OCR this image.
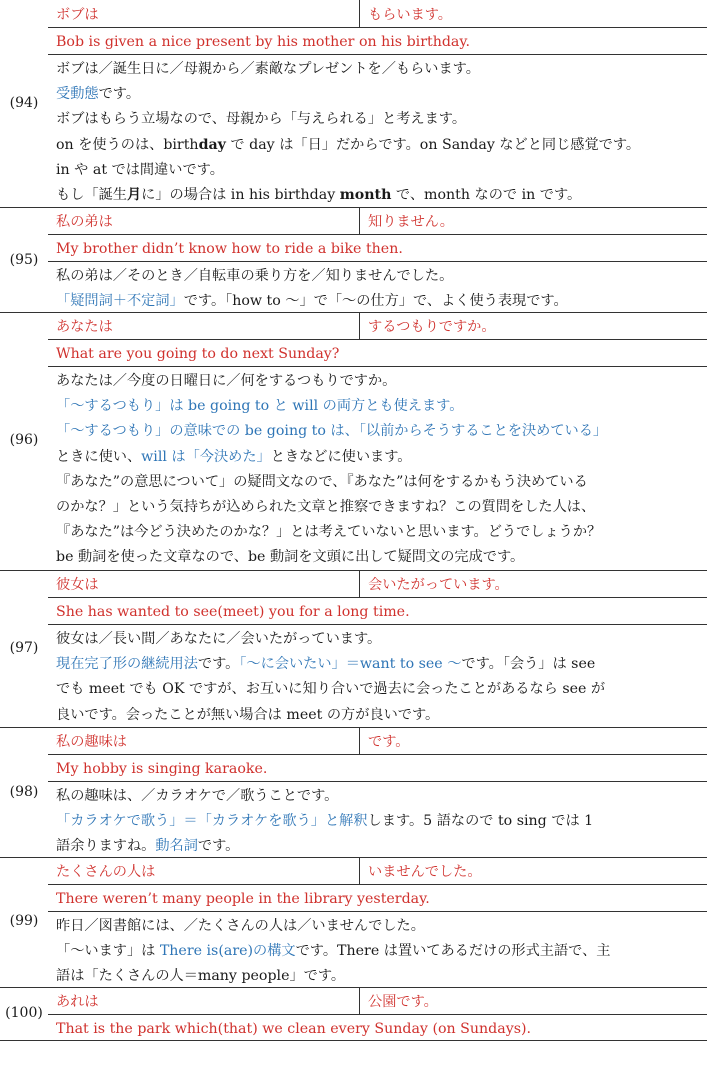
ボブは	もらいます。
Bob is given a nice present by his mother on his birthday.
ボブは／誕生日に／母親から／素敵なプレゼントを／もらいます。
受動態です。
ボブはもらう立場なので、母親から「与えられる」と考えます。
on を使うのは、birthday で day は「日」だからです。on Sanday などと同じ感覚です。
in や at では間違いです。
もし「誕生月に」の場合は in his birthday month で、month なので in です。
(94)
私の弟は	知りません。
My brother didn’t know how to ride a bike then.
私の弟は／そのとき／自転車の乗り方を／知りませんでした。
「疑問詞＋不定詞」です。「how to ～」で「～の仕方」で、よく使う表現です。
(95)
あなたは	するつもりですか。
What are you going to do next Sunday?
あなたは／今度の日曜日に／何をするつもりですか。
「～するつもり」は be going to と will の両方とも使えます。
「～するつもり」の意味での be going to は、「以前からそうすることを決めている」
ときに使い、will は「今決めた」ときなどに使います。
『あなた”の意思について」の疑問文なので、『あなた”は何をするかもう決めている
のかな？」という気持ちが込められた文章と推察できますね？この質問をした人は、
『あなた”は今どう決めたのかな？」とは考えていないと思います。どうでしょうか？
be 動詞を使った文章なので、be 動詞を文頭に出して疑問文の完成です。
(96)
彼女は	会いたがっています。
She has wanted to see(meet) you for a long time.
彼女は／長い間／あなたに／会いたがっています。
現在完了形の継続用法です。「～に会いたい」＝want to see ～です。「会う」は see
でも meet でも OK ですが、お互いに知り合いで過去に会ったことがあるなら see が
良いです。会ったことが無い場合は meet の方が良いです。
(97)
私の趣味は	です。
My hobby is singing karaoke.
私の趣味は、／カラオケで／歌うことです。
「カラオケで歌う」＝「カラオケを歌う」と解釈します。5 語なので to sing では 1
語余りますね。動名詞です。
(98)
たくさんの人は	いませんでした。
There weren’t many people in the library yesterday.
昨日／図書館には、／たくさんの人は／いませんでした。
「～います」は There is(are)の構文です。There は置いてあるだけの形式主語で、主
語は「たくさんの人＝many people」です。
(99)
あれは	公園です。
That is the park which(that) we clean every Sunday (on Sundays).
(100)
